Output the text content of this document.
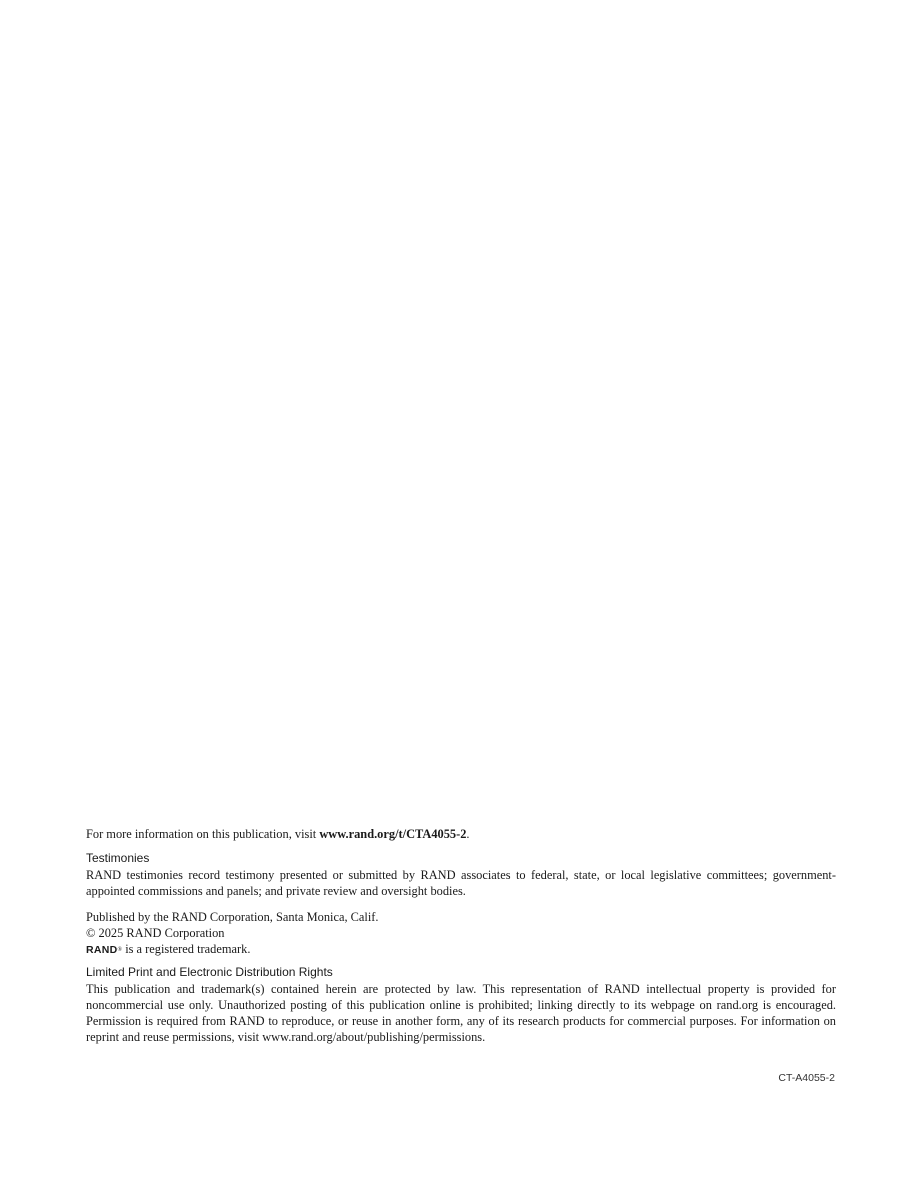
For more information on this publication, visit www.rand.org/t/CTA4055-2.
Testimonies

RAND testimonies record testimony presented or submitted by RAND associates to federal, state, or local legislative committees; government-appointed commissions and panels; and private review and oversight bodies.

Published by the RAND Corporation, Santa Monica, Calif.
© 2025 RAND Corporation
RAND® is a registered trademark.
Limited Print and Electronic Distribution Rights

This publication and trademark(s) contained herein are protected by law. This representation of RAND intellectual property is provided for noncommercial use only. Unauthorized posting of this publication online is prohibited; linking directly to its webpage on rand.org is encouraged. Permission is required from RAND to reproduce, or reuse in another form, any of its research products for commercial purposes. For information on reprint and reuse permissions, visit www.rand.org/about/publishing/permissions.

CT-A4055-2
